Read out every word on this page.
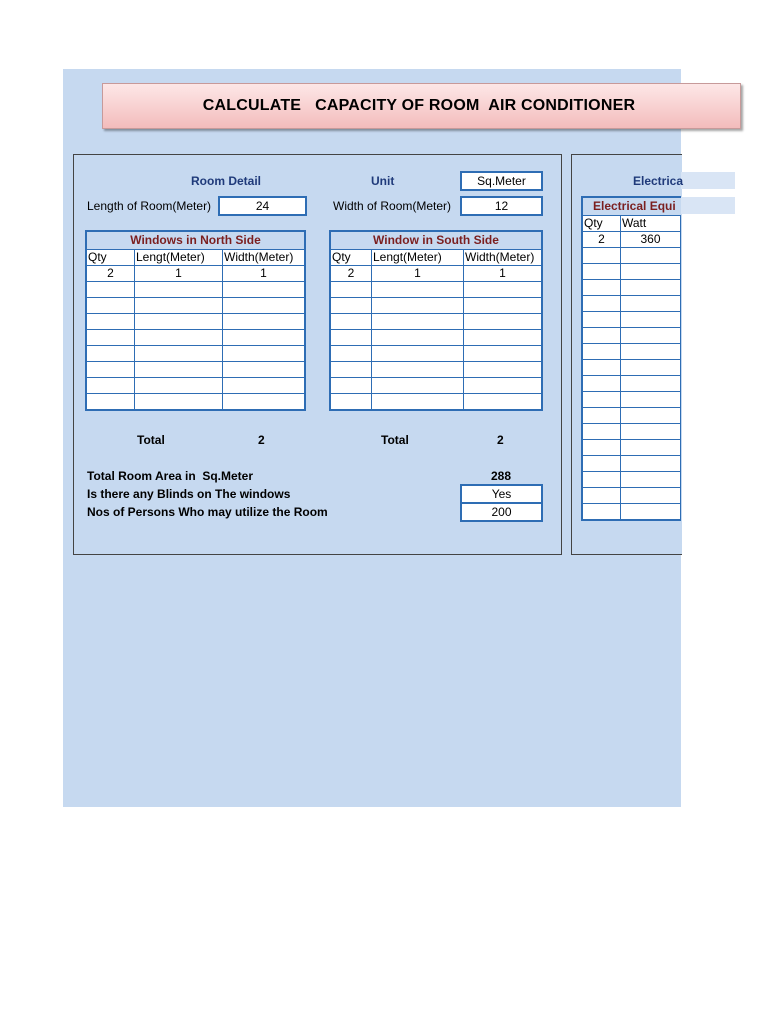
CALCULATE   CAPACITY OF ROOM  AIR CONDITIONER
Room Detail	Unit	Sq.Meter
Length of Room(Meter)	24	Width of Room(Meter)	12
Windows in North Side		
Qty	Lengt(Meter)	Width(Meter)
2	1	1

Window in South Side		
Qty	Lengt(Meter)	Width(Meter)
2	1	1

Total	2	Total	2
Total Room Area in  Sq.Meter	288
Is there any Blinds on The windows	Yes
Nos of Persons Who may utilize the Room	200
Electrica
Electrical Equi		
Qty	Watt	
2	360	
